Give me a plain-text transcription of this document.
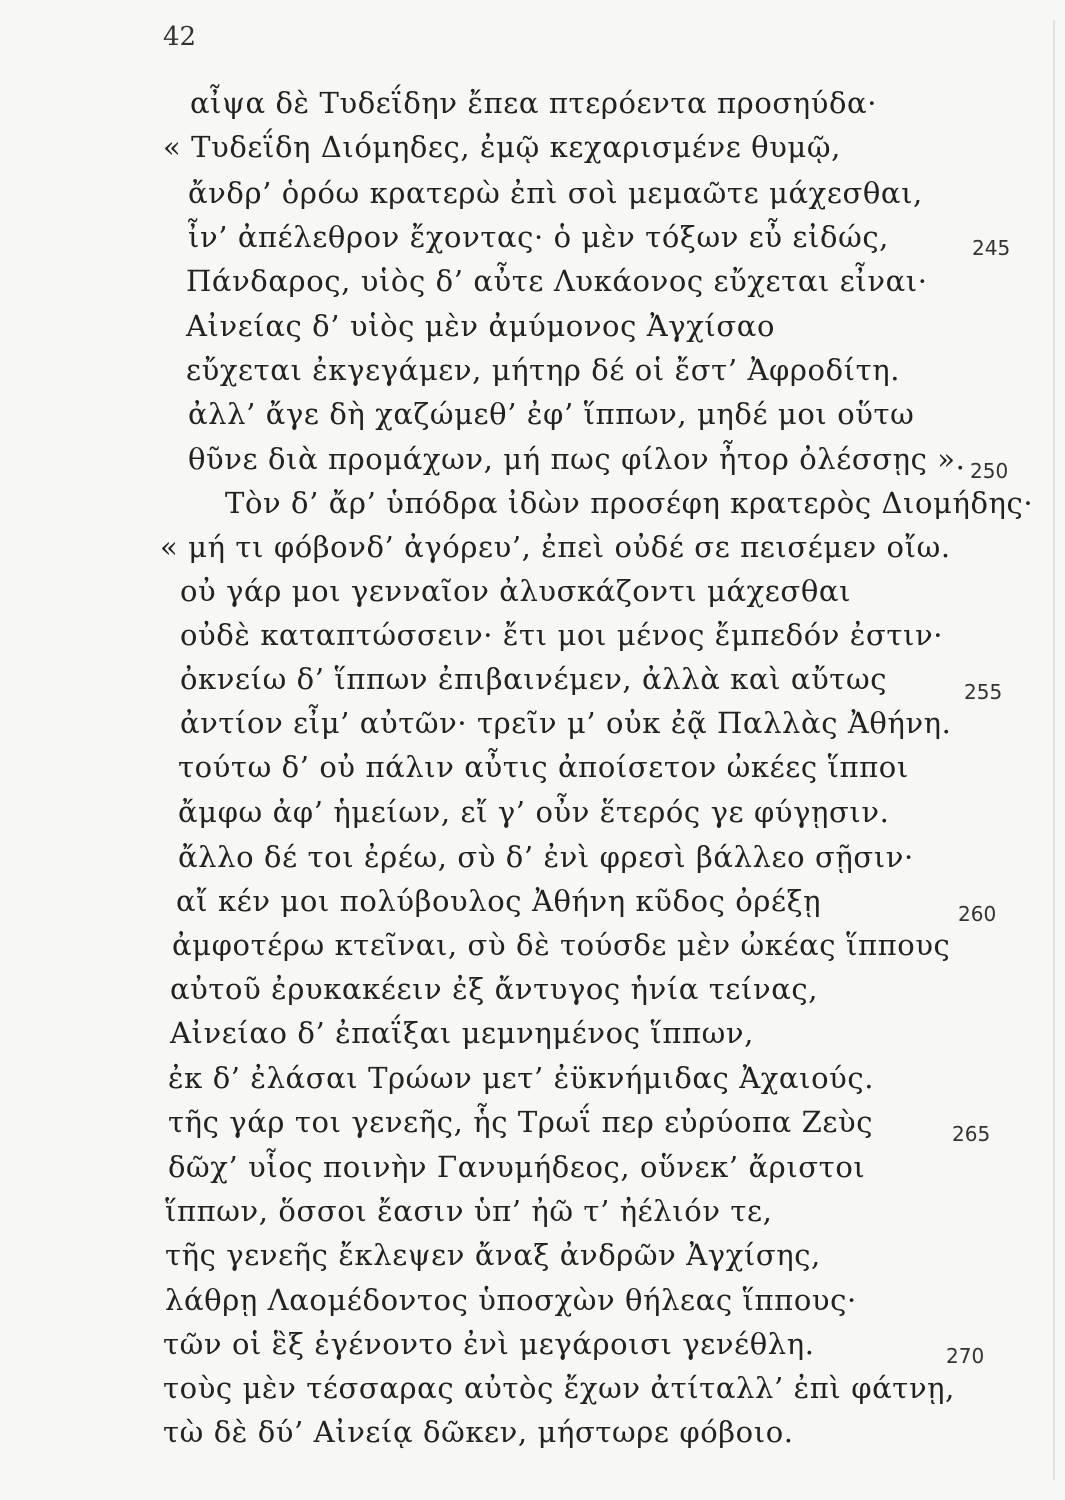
42
αἶψα δὲ Τυδεΐδην ἔπεα πτερόεντα προσηύδα·
« Τυδεΐδη Διόμηδες, ἐμῷ κεχαρισμένε θυμῷ,
ἄνδρ’ ὁρόω κρατερὼ ἐπὶ σοὶ μεμαῶτε μάχεσθαι,
ἶν’ ἀπέλεθρον ἔχοντας· ὁ μὲν τόξων εὖ εἰδώς,
Πάνδαρος, υἱὸς δ’ αὖτε Λυκάονος εὔχεται εἶναι·
Αἰνείας δ’ υἱὸς μὲν ἀμύμονος Ἀγχίσαο
εὔχεται ἐκγεγάμεν, μήτηρ δέ οἱ ἔστ’ Ἀφροδίτη.
ἀλλ’ ἄγε δὴ χαζώμεθ’ ἐφ’ ἵππων, μηδέ μοι οὕτω
θῦνε διὰ προμάχων, μή πως φίλον ἦτορ ὀλέσσῃς ».
Τὸν δ’ ἄρ’ ὑπόδρα ἰδὼν προσέφη κρατερὸς Διομήδης·
« μή τι φόβονδ’ ἀγόρευ’, ἐπεὶ οὐδέ σε πεισέμεν οἴω.
οὐ γάρ μοι γενναῖον ἀλυσκάζοντι μάχεσθαι
οὐδὲ καταπτώσσειν· ἔτι μοι μένος ἔμπεδόν ἐστιν·
ὀκνείω δ’ ἵππων ἐπιβαινέμεν, ἀλλὰ καὶ αὔτως
ἀντίον εἶμ’ αὐτῶν· τρεῖν μ’ οὐκ ἐᾷ Παλλὰς Ἀθήνη.
τούτω δ’ οὐ πάλιν αὖτις ἀποίσετον ὠκέες ἵπποι
ἄμφω ἀφ’ ἡμείων, εἴ γ’ οὖν ἕτερός γε φύγῃσιν.
ἄλλο δέ τοι ἐρέω, σὺ δ’ ἐνὶ φρεσὶ βάλλεο σῇσιν·
αἴ κέν μοι πολύβουλος Ἀθήνη κῦδος ὀρέξῃ
ἀμφοτέρω κτεῖναι, σὺ δὲ τούσδε μὲν ὠκέας ἵππους
αὐτοῦ ἐρυκακέειν ἐξ ἄντυγος ἡνία τείνας,
Αἰνείαο δ’ ἐπαΐξαι μεμνημένος ἵππων,
ἐκ δ’ ἐλάσαι Τρώων μετ’ ἐϋκνήμιδας Ἀχαιούς.
τῆς γάρ τοι γενεῆς, ἧς Τρωΐ περ εὐρύοπα Ζεὺς
δῶχ’ υἷος ποινὴν Γανυμήδεος, οὕνεκ’ ἄριστοι
ἵππων, ὅσσοι ἔασιν ὑπ’ ἠῶ τ’ ἠέλιόν τε,
τῆς γενεῆς ἔκλεψεν ἄναξ ἀνδρῶν Ἀγχίσης,
λάθρῃ Λαομέδοντος ὑποσχὼν θήλεας ἵππους·
τῶν οἱ ἓξ ἐγένοντο ἐνὶ μεγάροισι γενέθλη.
τοὺς μὲν τέσσαρας αὐτὸς ἔχων ἀτίταλλ’ ἐπὶ φάτνῃ,
τὼ δὲ δύ’ Αἰνείᾳ δῶκεν, μήστωρε φόβοιο.
245
250
255
260
265
270
